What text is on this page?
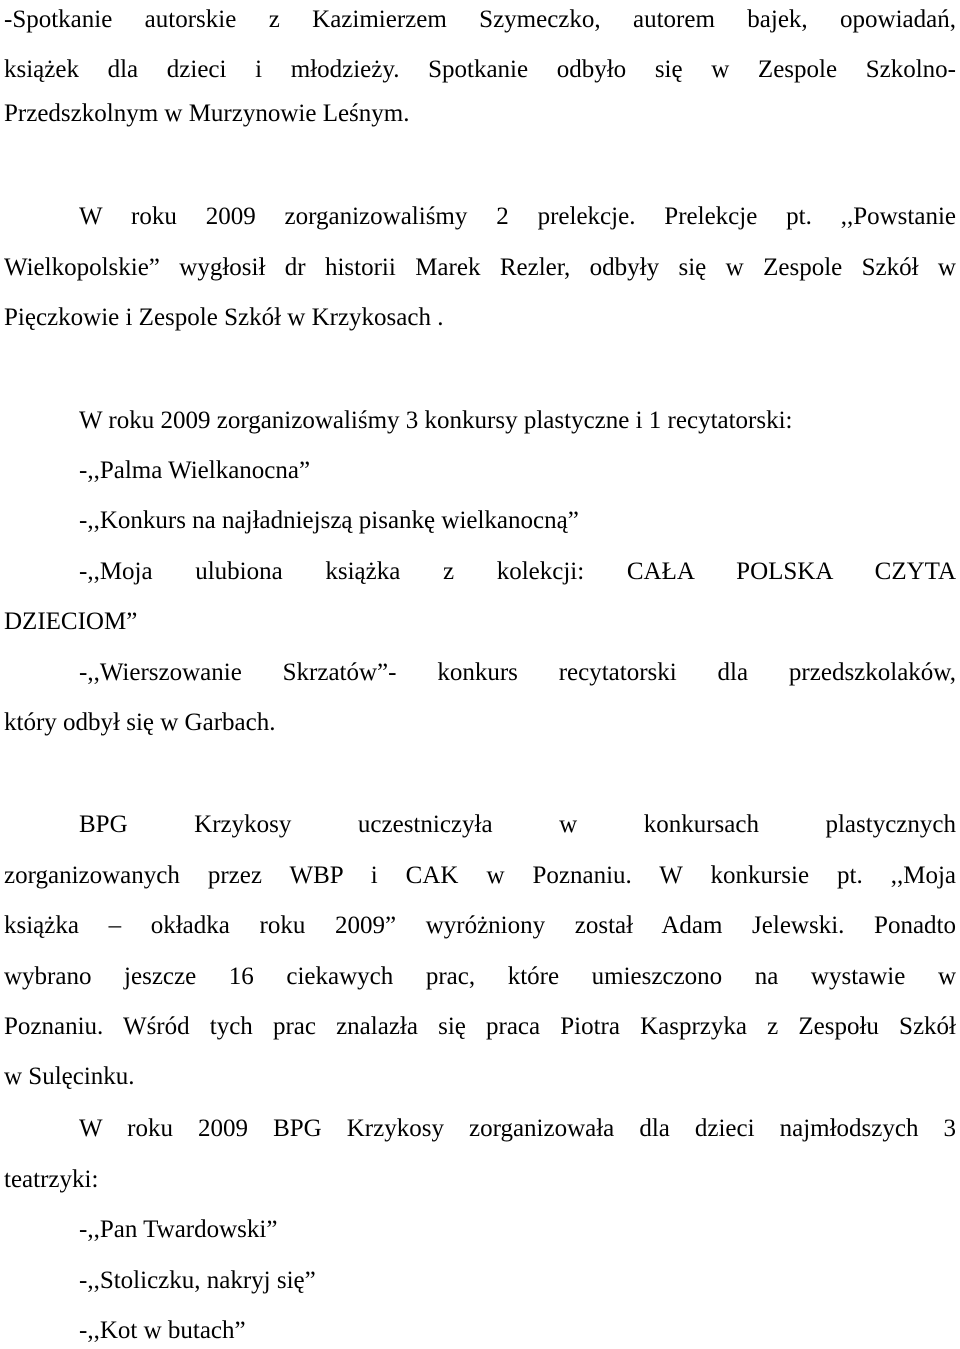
-Spotkanie autorskie z Kazimierzem Szymeczko, autorem bajek, opowiadań,
książek dla dzieci i młodzieży. Spotkanie odbyło się w Zespole Szkolno-
Przedszkolnym w Murzynowie Leśnym.
W roku 2009 zorganizowaliśmy 2 prelekcje. Prelekcje pt. ,,Powstanie
Wielkopolskie” wygłosił dr historii Marek Rezler, odbyły się w Zespole Szkół w
Pięczkowie i Zespole Szkół w Krzykosach .
W roku 2009 zorganizowaliśmy 3 konkursy plastyczne i 1 recytatorski:
-,,Palma Wielkanocna”
-,,Konkurs na najładniejszą pisankę wielkanocną”
-,,Moja ulubiona książka z kolekcji: CAŁA POLSKA CZYTA
DZIECIOM”
-,,Wierszowanie Skrzatów”- konkurs recytatorski dla przedszkolaków,
który odbył się w Garbach.
BPG Krzykosy uczestniczyła w konkursach plastycznych
zorganizowanych przez WBP i CAK w Poznaniu. W konkursie pt. ,,Moja
książka – okładka roku 2009” wyróżniony został Adam Jelewski. Ponadto
wybrano jeszcze 16 ciekawych prac, które umieszczono na wystawie w
Poznaniu. Wśród tych prac znalazła się praca Piotra Kasprzyka z Zespołu Szkół
w Sulęcinku.
W roku 2009 BPG Krzykosy zorganizowała dla dzieci najmłodszych 3
teatrzyki:
-,,Pan Twardowski”
-,,Stoliczku, nakryj się”
-,,Kot w butach”
